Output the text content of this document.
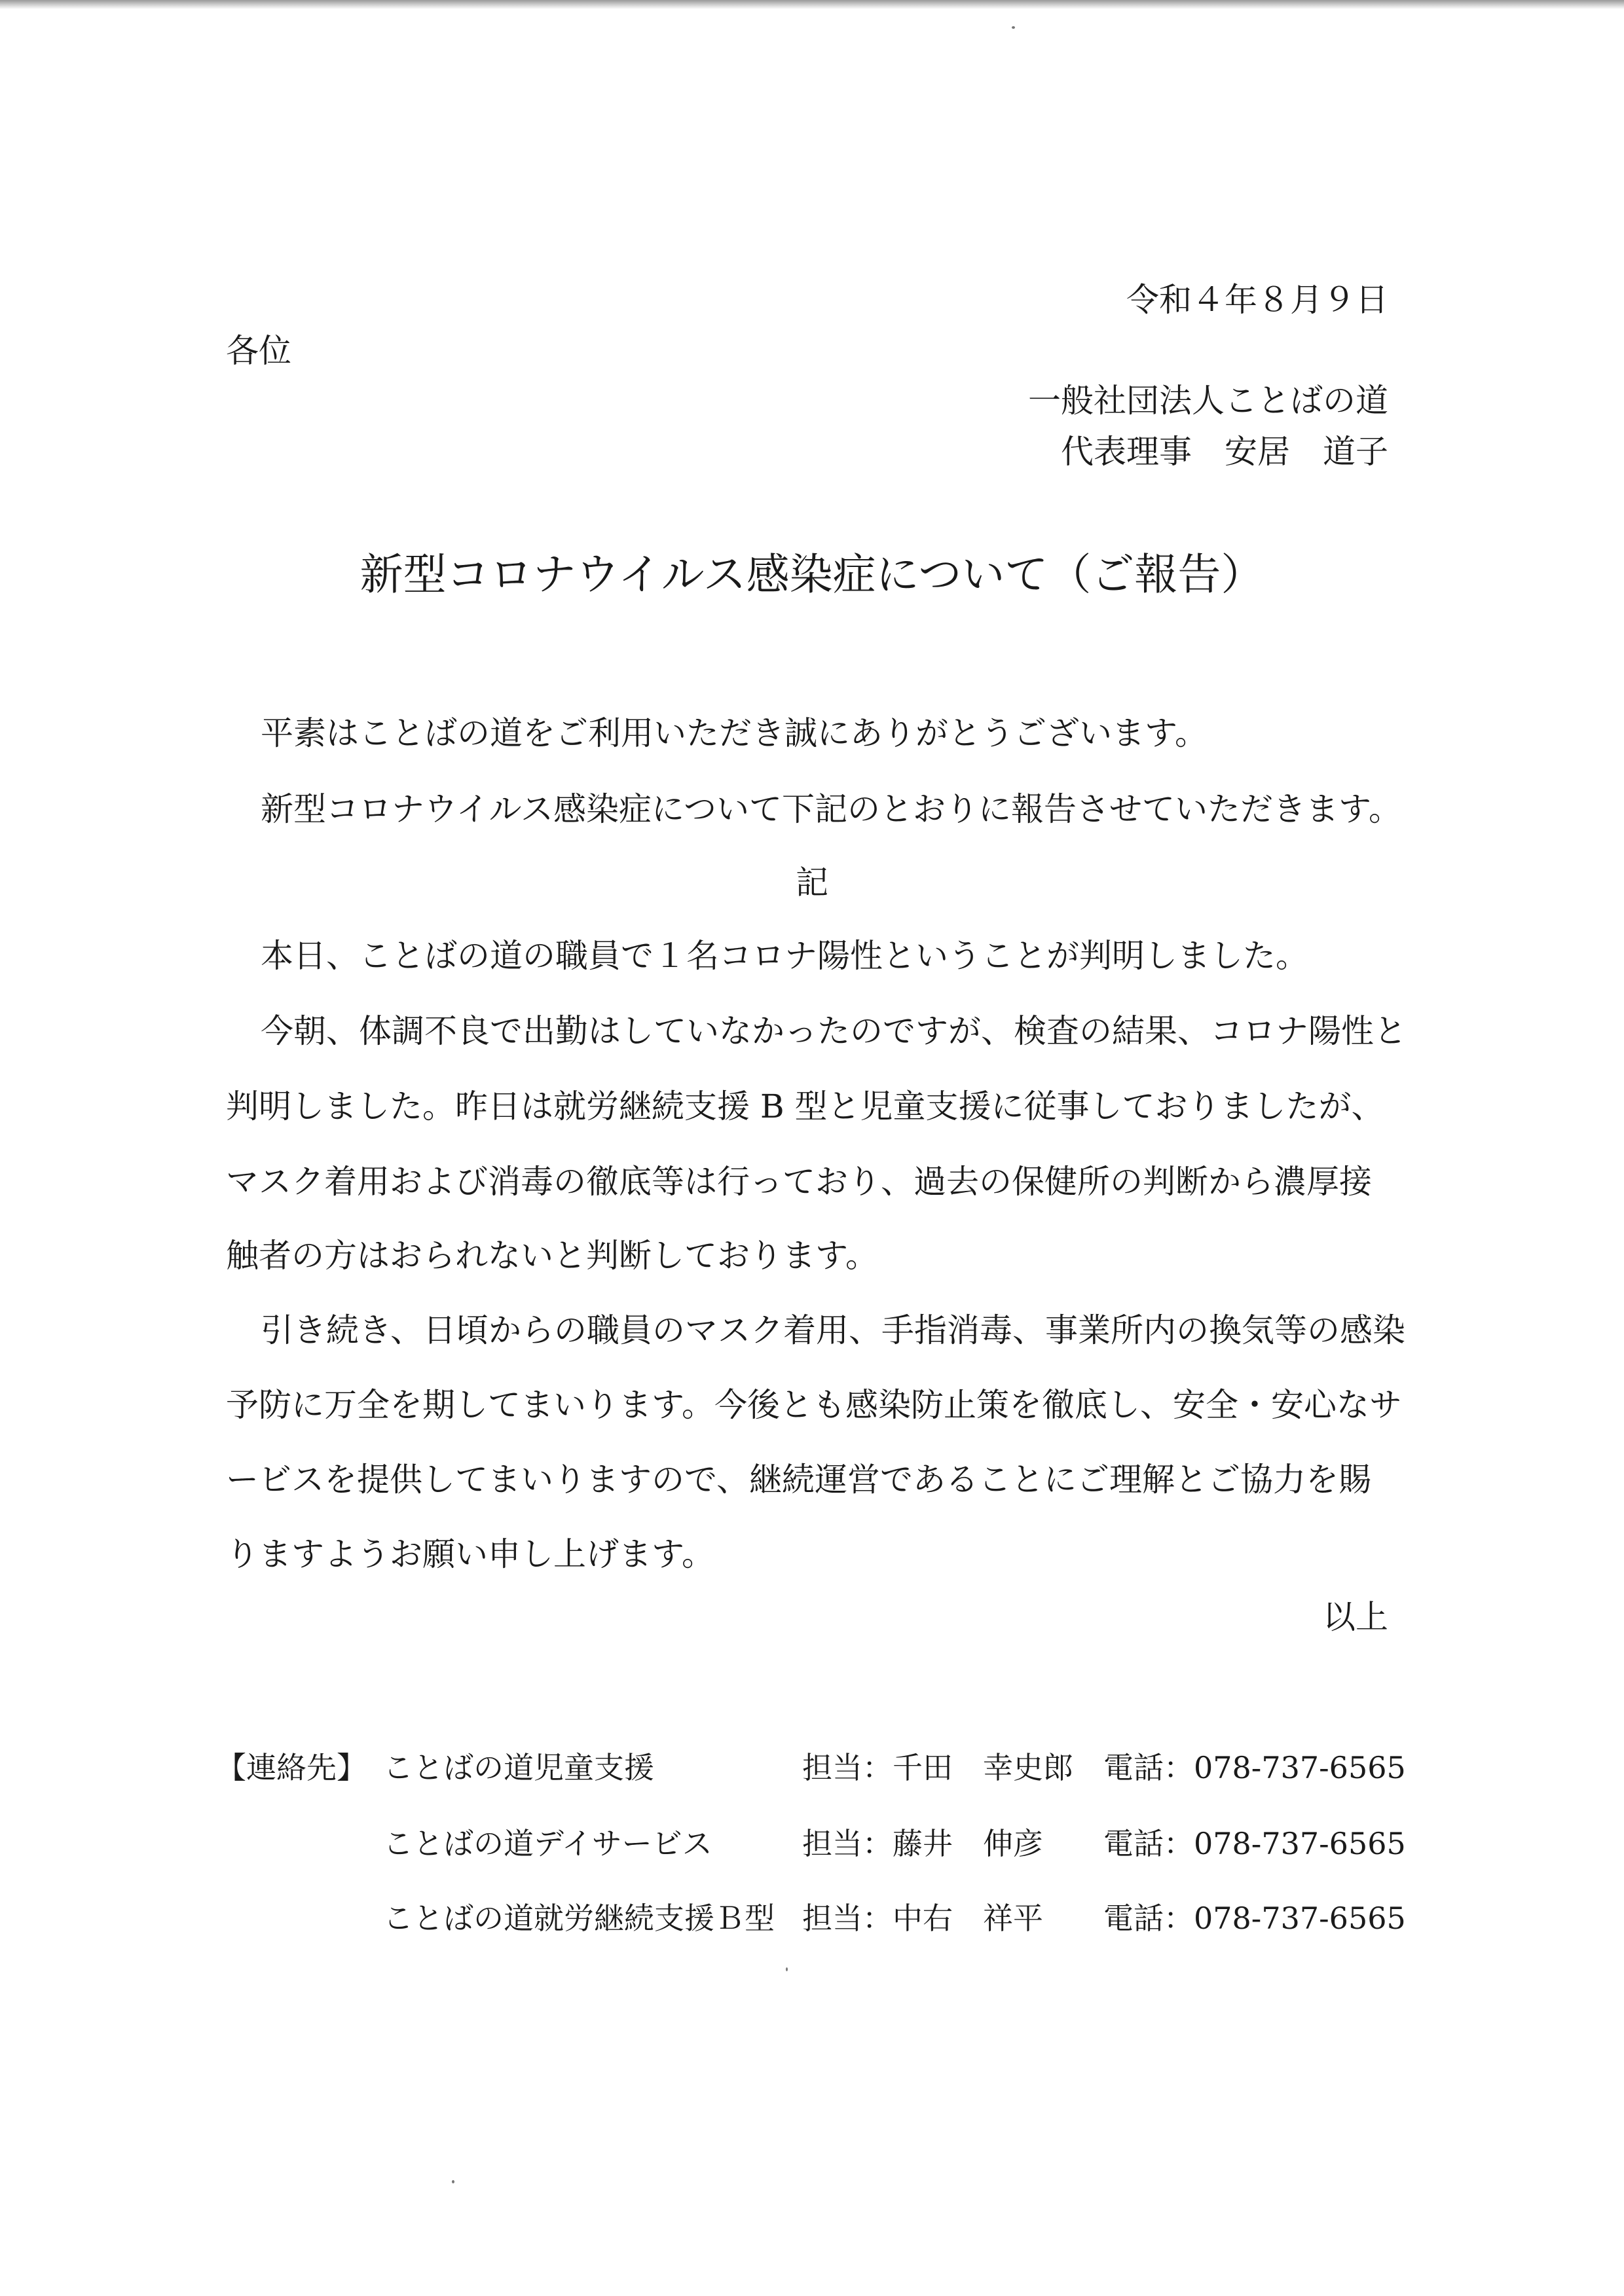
令和４年８月９日
各位
一般社団法人ことばの道
代表理事　安居　道子
新型コロナウイルス感染症について（ご報告）
平素はことばの道をご利用いただき誠にありがとうございます。
新型コロナウイルス感染症について下記のとおりに報告させていただきます。
記
本日、ことばの道の職員で１名コロナ陽性ということが判明しました。
今朝、体調不良で出勤はしていなかったのですが、検査の結果、コロナ陽性と
判明しました。昨日は就労継続支援 B 型と児童支援に従事しておりましたが、
マスク着用および消毒の徹底等は行っており、過去の保健所の判断から濃厚接
触者の方はおられないと判断しております。
引き続き、日頃からの職員のマスク着用、手指消毒、事業所内の換気等の感染
予防に万全を期してまいります。今後とも感染防止策を徹底し、安全・安心なサ
ービスを提供してまいりますので、継続運営であることにご理解とご協力を賜
りますようお願い申し上げます。
以上
【連絡先】 ことばの道児童支援	担当：千田　幸史郎 電話：078-737-6565
ことばの道デイサービス	担当：藤井　伸彦 電話：078-737-6565
ことばの道就労継続支援Ｂ型 担当：中右　祥平 電話：078-737-6565
